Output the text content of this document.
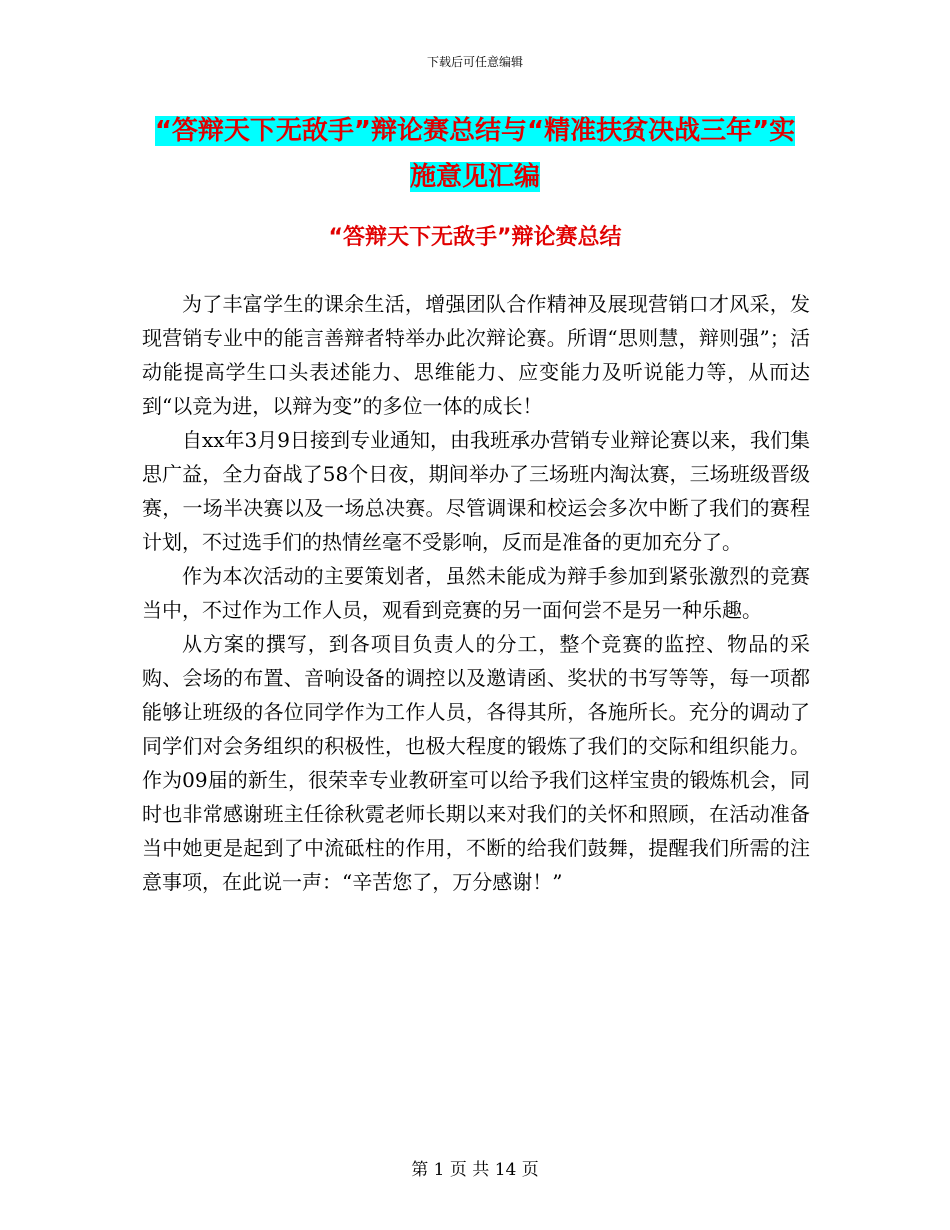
下载后可任意编辑
“答辩天下无敌手”辩论赛总结与“精准扶贫决战三年”实施意见汇编
“答辩天下无敌手”辩论赛总结

为了丰富学生的课余生活，增强团队合作精神及展现营销口才风采，发现营销专业中的能言善辩者特举办此次辩论赛。所谓“思则慧，辩则强”；活动能提高学生口头表述能力、思维能力、应变能力及听说能力等，从而达到“以竞为进，以辩为变”的多位一体的成长！

自xx年3月9日接到专业通知，由我班承办营销专业辩论赛以来，我们集思广益，全力奋战了58个日夜，期间举办了三场班内淘汰赛，三场班级晋级赛，一场半决赛以及一场总决赛。尽管调课和校运会多次中断了我们的赛程计划，不过选手们的热情丝毫不受影响，反而是准备的更加充分了。

作为本次活动的主要策划者，虽然未能成为辩手参加到紧张激烈的竞赛当中，不过作为工作人员，观看到竞赛的另一面何尝不是另一种乐趣。

从方案的撰写，到各项目负责人的分工，整个竞赛的监控、物品的采购、会场的布置、音响设备的调控以及邀请函、奖状的书写等等，每一项都能够让班级的各位同学作为工作人员，各得其所，各施所长。充分的调动了同学们对会务组织的积极性，也极大程度的锻炼了我们的交际和组织能力。作为09届的新生，很荣幸专业教研室可以给予我们这样宝贵的锻炼机会，同时也非常感谢班主任徐秋霓老师长期以来对我们的关怀和照顾，在活动准备当中她更是起到了中流砥柱的作用，不断的给我们鼓舞，提醒我们所需的注意事项，在此说一声：“辛苦您了，万分感谢！”

第 1 页 共 14 页
